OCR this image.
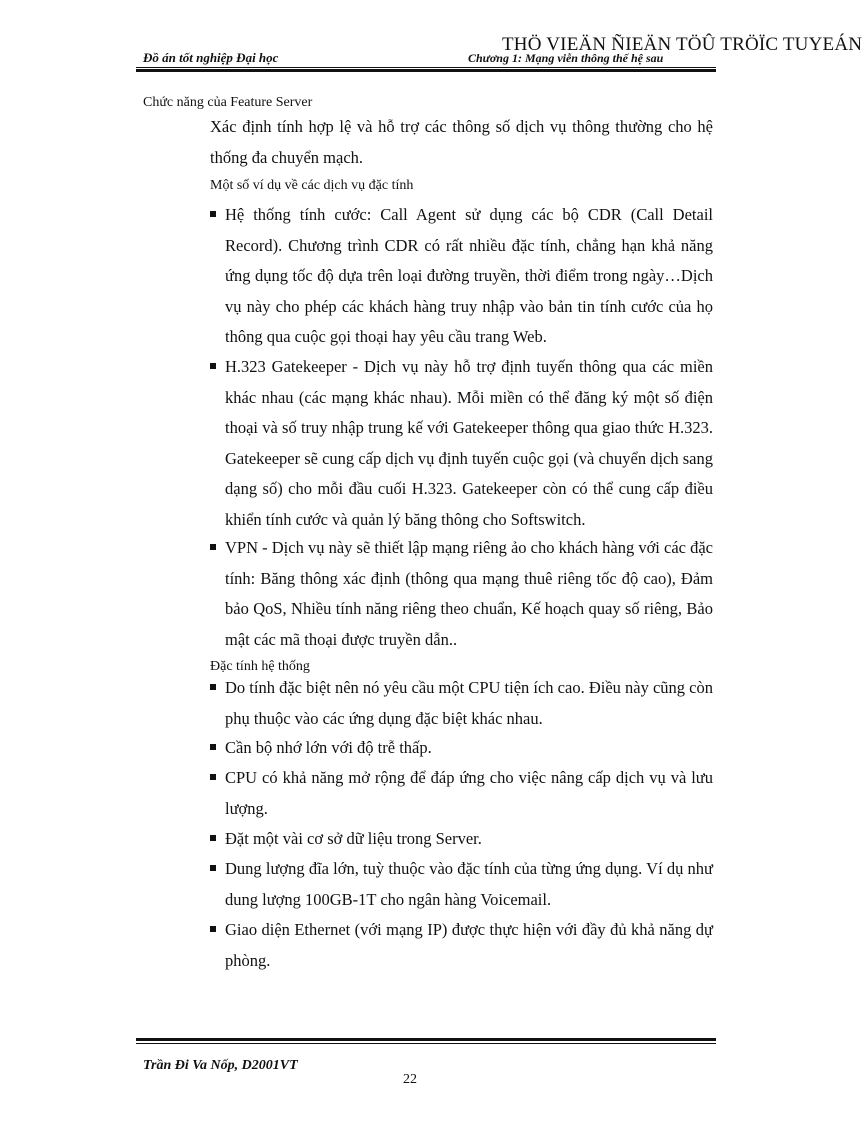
THÖ VIEÄN ÑIEÄN TÖÛ TRÖÏC TUYEÁN
Đồ án tốt nghiệp Đại học	Chương 1: Mạng viễn thông thế hệ sau
Chức năng của Feature Server
Xác định tính hợp lệ và hỗ trợ các thông số dịch vụ thông thường cho hệ
thống đa chuyển mạch.
Một số ví dụ về các dịch vụ đặc tính
Hệ thống tính cước: Call Agent sử dụng các bộ CDR (Call Detail Record). Chương trình CDR có rất nhiều đặc tính, chẳng hạn khả năng ứng dụng tốc độ dựa trên loại đường truyền, thời điểm trong ngày…Dịch vụ này cho phép các khách hàng truy nhập vào bản tin tính cước của họ thông qua cuộc gọi thoại hay yêu cầu trang Web.
H.323 Gatekeeper - Dịch vụ này hỗ trợ định tuyến thông qua các miền khác nhau (các mạng khác nhau). Mỗi miền có thể đăng ký một số điện thoại và số truy nhập trung kế với Gatekeeper thông qua giao thức H.323. Gatekeeper sẽ cung cấp dịch vụ định tuyến cuộc gọi (và chuyển dịch sang dạng số) cho mỗi đầu cuối H.323. Gatekeeper còn có thể cung cấp điều khiển tính cước và quản lý băng thông cho Softswitch.
VPN - Dịch vụ này sẽ thiết lập mạng riêng ảo cho khách hàng với các đặc tính: Băng thông xác định (thông qua mạng thuê riêng tốc độ cao), Đảm bảo QoS, Nhiều tính năng riêng theo chuẩn, Kế hoạch quay số riêng, Bảo mật các mã thoại được truyền dẫn..
Đặc tính hệ thống
Do tính đặc biệt nên nó yêu cầu một CPU tiện ích cao. Điều này cũng còn phụ thuộc vào các ứng dụng đặc biệt khác nhau.
Cần bộ nhớ lớn với độ trễ thấp.
CPU có khả năng mở rộng để đáp ứng cho việc nâng cấp dịch vụ và lưu lượng.
Đặt một vài cơ sở dữ liệu trong Server.
Dung lượng đĩa lớn, tuỳ thuộc vào đặc tính của từng ứng dụng. Ví dụ như dung lượng 100GB-1T cho ngân hàng Voicemail.
Giao diện Ethernet (với mạng IP) được thực hiện với đầy đủ khả năng dự phòng.
Trần Đi Va Nốp, D2001VT
22
